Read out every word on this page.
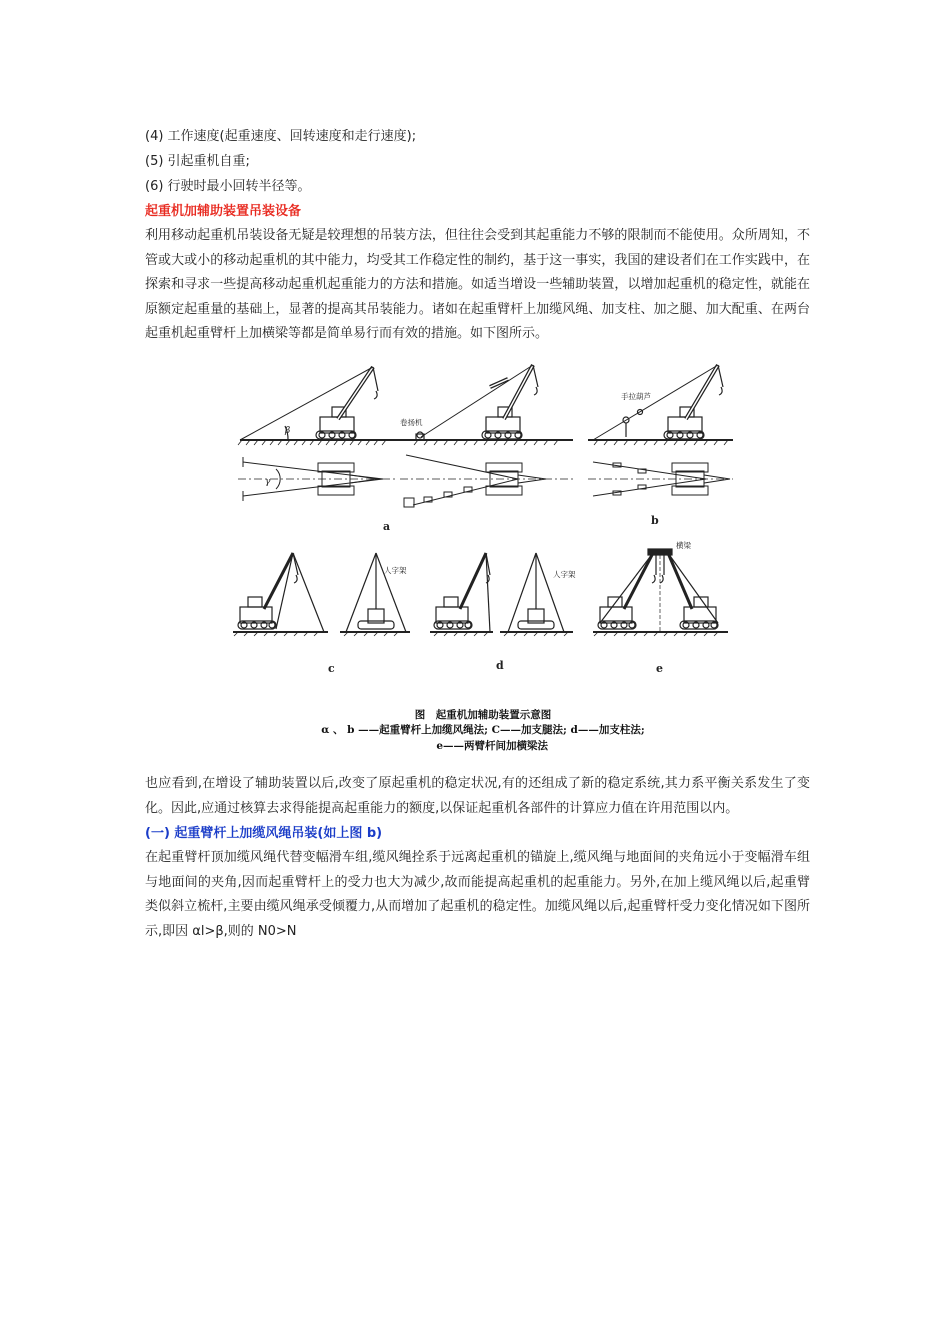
(4) 工作速度(起重速度、回转速度和走行速度);
(5) 引起重机自重;
(6) 行驶时最小回转半径等。
起重机加辅助装置吊装设备
利用移动起重机吊装设备无疑是较理想的吊装方法，但往往会受到其起重能力不够的限制而不能使用。众所周知，不管或大或小的移动起重机的其中能力，均受其工作稳定性的制约，基于这一事实，我国的建设者们在工作实践中，在探索和寻求一些提高移动起重机起重能力的方法和措施。如适当增设一些辅助装置，以增加起重机的稳定性，就能在原额定起重量的基础上，显著的提高其吊装能力。诸如在起重臂杆上加缆风绳、加支柱、加之腿、加大配重、在两台起重机起重臂杆上加横梁等都是简单易行而有效的措施。如下图所示。
β
卷扬机
手拉葫芦
γ
a	b
人字架	人字架
横梁
c	d	e
图　起重机加辅助装置示意图
α 、 b ——起重臂杆上加缆风绳法; C——加支腿法; d——加支柱法;
e——两臂杆间加横梁法
也应看到,在增设了辅助装置以后,改变了原起重机的稳定状况,有的还组成了新的稳定系统,其力系平衡关系发生了变化。因此,应通过核算去求得能提高起重能力的额度,以保证起重机各部件的计算应力值在许用范围以内。
(一) 起重臂杆上加缆风绳吊装(如上图 b)
在起重臂杆顶加缆风绳代替变幅滑车组,缆风绳拴系于远离起重机的锚旋上,缆风绳与地面间的夹角远小于变幅滑车组与地面间的夹角,因而起重臂杆上的受力也大为减少,故而能提高起重机的起重能力。另外,在加上缆风绳以后,起重臂类似斜立梳杆,主要由缆风绳承受倾覆力,从而增加了起重机的稳定性。加缆风绳以后,起重臂杆受力变化情况如下图所示,即因 αl>β,则的 N0>N
